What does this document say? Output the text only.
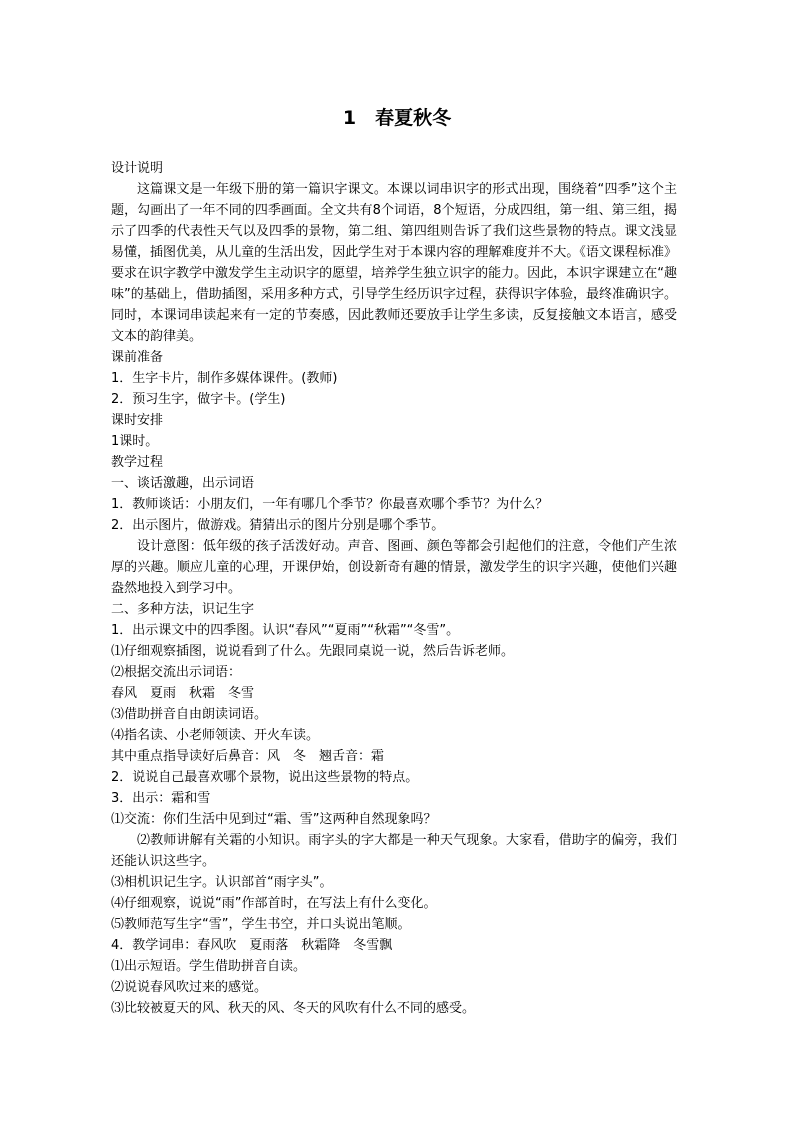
1　春夏秋冬

设计说明

这篇课文是一年级下册的第一篇识字课文。本课以词串识字的形式出现，围绕着“四季”这个主题，勾画出了一年不同的四季画面。全文共有8个词语，8个短语，分成四组，第一组、第三组，揭示了四季的代表性天气以及四季的景物，第二组、第四组则告诉了我们这些景物的特点。课文浅显易懂，插图优美，从儿童的生活出发，因此学生对于本课内容的理解难度并不大。《语文课程标准》要求在识字教学中激发学生主动识字的愿望，培养学生独立识字的能力。因此，本识字课建立在“趣味”的基础上，借助插图，采用多种方式，引导学生经历识字过程，获得识字体验，最终准确识字。同时，本课词串读起来有一定的节奏感，因此教师还要放手让学生多读，反复接触文本语言，感受文本的韵律美。

课前准备

1．生字卡片，制作多媒体课件。(教师)

2．预习生字，做字卡。(学生)

课时安排

1课时。

教学过程

一、谈话激趣，出示词语

1．教师谈话：小朋友们，一年有哪几个季节？你最喜欢哪个季节？为什么？

2．出示图片，做游戏。猜猜出示的图片分别是哪个季节。

设计意图：低年级的孩子活泼好动。声音、图画、颜色等都会引起他们的注意，令他们产生浓厚的兴趣。顺应儿童的心理，开课伊始，创设新奇有趣的情景，激发学生的识字兴趣，使他们兴趣盎然地投入到学习中。

二、多种方法，识记生字

1．出示课文中的四季图。认识“春风”“夏雨”“秋霜”“冬雪”。

⑴仔细观察插图，说说看到了什么。先跟同桌说一说，然后告诉老师。

⑵根据交流出示词语：

春风　夏雨　秋霜　冬雪

⑶借助拼音自由朗读词语。

⑷指名读、小老师领读、开火车读。

其中重点指导读好后鼻音：风　冬　翘舌音：霜

2．说说自己最喜欢哪个景物，说出这些景物的特点。

3．出示：霜和雪

⑴交流：你们生活中见到过“霜、雪”这两种自然现象吗？

⑵教师讲解有关霜的小知识。雨字头的字大都是一种天气现象。大家看，借助字的偏旁，我们还能认识这些字。

⑶相机识记生字。认识部首“雨字头”。

⑷仔细观察，说说“雨”作部首时，在写法上有什么变化。

⑸教师范写生字“雪”，学生书空，并口头说出笔顺。

4．教学词串：春风吹　夏雨落　秋霜降　冬雪飘

⑴出示短语。学生借助拼音自读。

⑵说说春风吹过来的感觉。

⑶比较被夏天的风、秋天的风、冬天的风吹有什么不同的感受。
